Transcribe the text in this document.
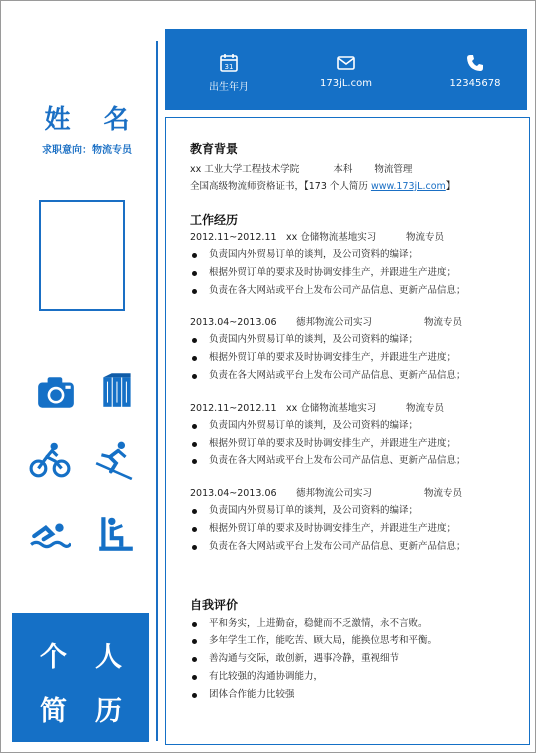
姓 名
求职意向：物流专员
个 人
简 历
31
出生年月	173jL.com	12345678
教育背景
xx 工业大学工程技术学院	本科 物流管理
全国高级物流师资格证书，【173 个人简历 www.173jL.com】
工作经历
2012.11~2012.11 xx 仓储物流基地实习	物流专员
负责国内外贸易订单的谈判，及公司资料的编译；
根据外贸订单的要求及时协调安排生产，并跟进生产进度；
负责在各大网站或平台上发布公司产品信息、更新产品信息；
2013.04~2013.06 德邦物流公司实习	物流专员
负责国内外贸易订单的谈判，及公司资料的编译；
根据外贸订单的要求及时协调安排生产，并跟进生产进度；
负责在各大网站或平台上发布公司产品信息、更新产品信息；
2012.11~2012.11 xx 仓储物流基地实习	物流专员
负责国内外贸易订单的谈判，及公司资料的编译；
根据外贸订单的要求及时协调安排生产，并跟进生产进度；
负责在各大网站或平台上发布公司产品信息、更新产品信息；
2013.04~2013.06 德邦物流公司实习	物流专员
负责国内外贸易订单的谈判，及公司资料的编译；
根据外贸订单的要求及时协调安排生产，并跟进生产进度；
负责在各大网站或平台上发布公司产品信息、更新产品信息；
自我评价
平和务实，上进勤奋，稳健而不乏激情，永不言败。
多年学生工作，能吃苦、顾大局，能换位思考和平衡。
善沟通与交际，敢创新，遇事冷静，重视细节
有比较强的沟通协调能力，
团体合作能力比较强
